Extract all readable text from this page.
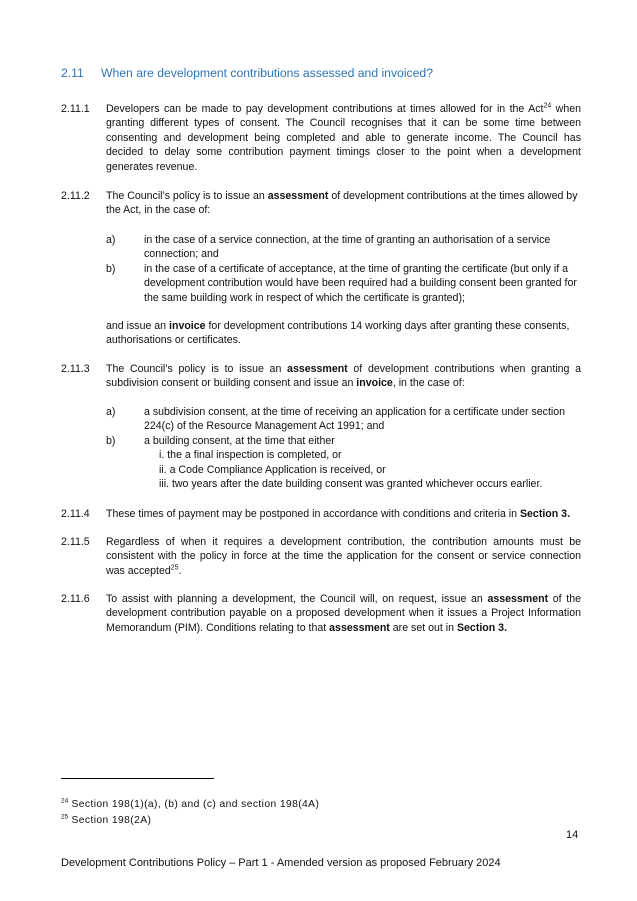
2.11 When are development contributions assessed and invoiced?
2.11.1 Developers can be made to pay development contributions at times allowed for in the Act$^{24}$ when granting different types of consent. The Council recognises that it can be some time between consenting and development being completed and able to generate income. The Council has decided to delay some contribution payment timings closer to the point when a development generates revenue.
2.11.2 The Council’s policy is to issue an assessment of development contributions at the times allowed by the Act, in the case of:
a)	in the case of a service connection, at the time of granting an authorisation of a service connection; and
b)	in the case of a certificate of acceptance, at the time of granting the certificate (but only if a development contribution would have been required had a building consent been granted for the same building work in respect of which the certificate is granted);
and issue an invoice for development contributions 14 working days after granting these consents, authorisations or certificates.
2.11.3 The Council’s policy is to issue an assessment of development contributions when granting a subdivision consent or building consent and issue an invoice, in the case of:
a)	a subdivision consent, at the time of receiving an application for a certificate under section 224(c) of the Resource Management Act 1991; and
b)	a building consent, at the time that either
i. the a final inspection is completed, or
ii. a Code Compliance Application is received, or
iii. two years after the date building consent was granted whichever occurs earlier.
2.11.4 These times of payment may be postponed in accordance with conditions and criteria in Section 3.
2.11.5 Regardless of when it requires a development contribution, the contribution amounts must be consistent with the policy in force at the time the application for the consent or service connection was accepted$^{25}$.
2.11.6 To assist with planning a development, the Council will, on request, issue an assessment of the development contribution payable on a proposed development when it issues a Project Information Memorandum (PIM). Conditions relating to that assessment are set out in Section 3.
$^{24}$ Section 198(1)(a), (b) and (c) and section 198(4A)
$^{25}$ Section 198(2A)
14
Development Contributions Policy – Part 1 - Amended version as proposed February 2024
